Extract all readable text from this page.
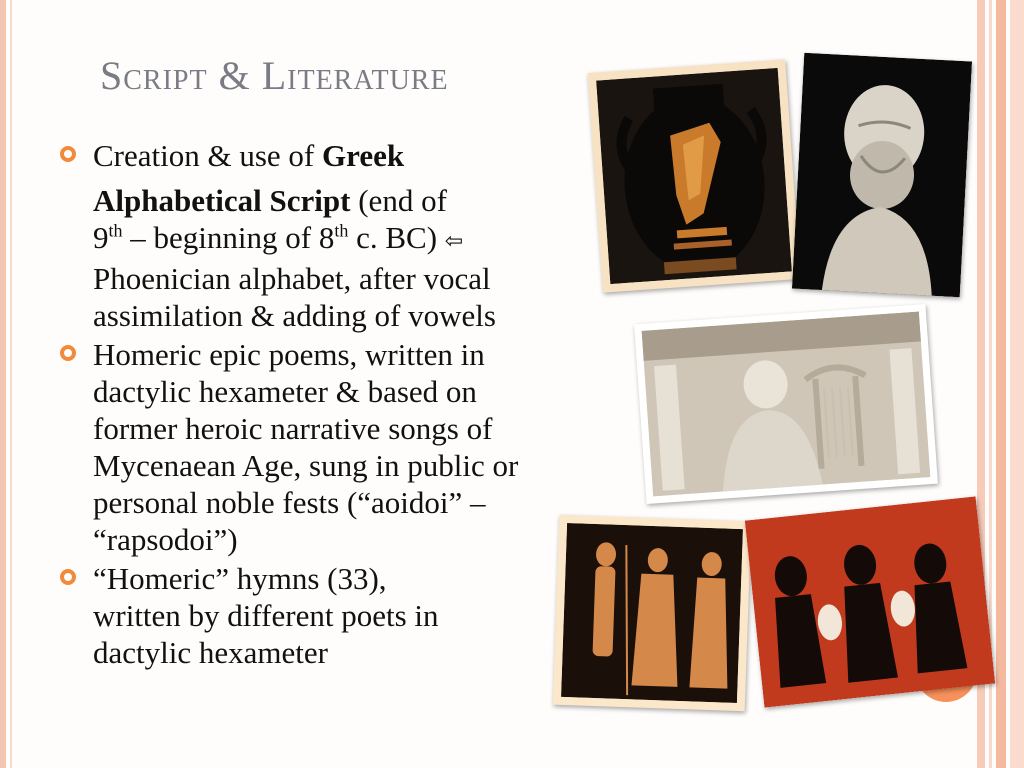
Script & Literature
Creation & use of Greek
Alphabetical Script (end of
9th – beginning of 8th c. BC) ⇦
Phoenician alphabet, after vocal
assimilation & adding of vowels
Homeric epic poems, written in
dactylic hexameter & based on
former heroic narrative songs of
Mycenaean Age, sung in public or
personal noble fests (“aoidoi” –
“rapsodoi”)
“Homeric” hymns (33),
written by different poets in
dactylic hexameter
